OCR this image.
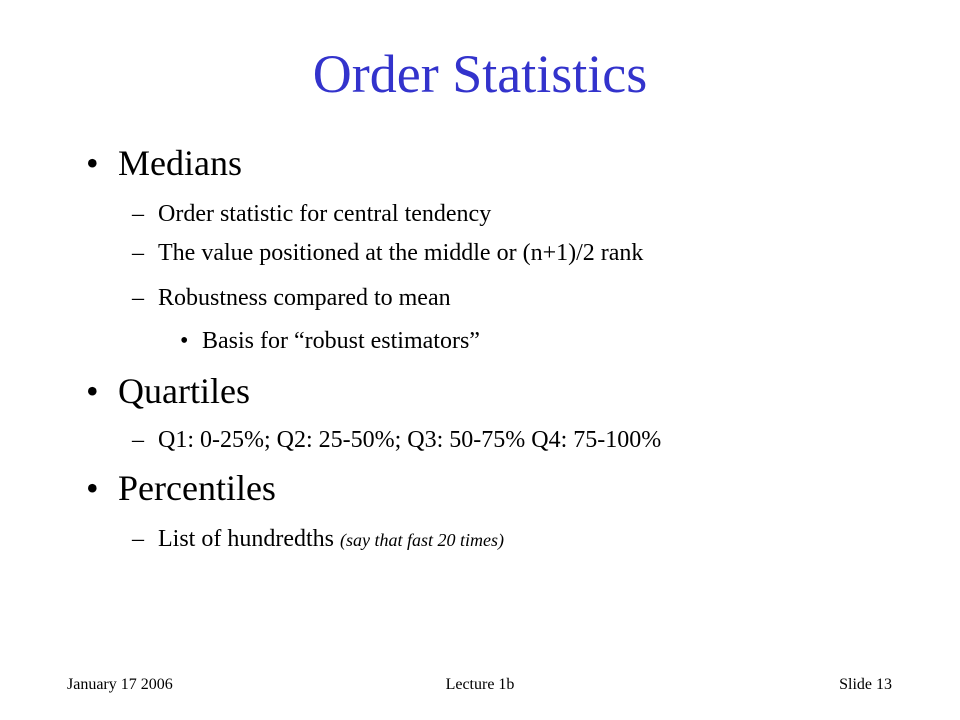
Order Statistics
• Medians
– Order statistic for central tendency
– The value positioned at the middle or (n+1)/2 rank
– Robustness compared to mean
• Basis for “robust estimators”
• Quartiles
– Q1: 0-25%; Q2: 25-50%; Q3: 50-75% Q4: 75-100%
• Percentiles
– List of hundredths (say that fast 20 times)
January 17 2006	Lecture 1b	Slide 13
